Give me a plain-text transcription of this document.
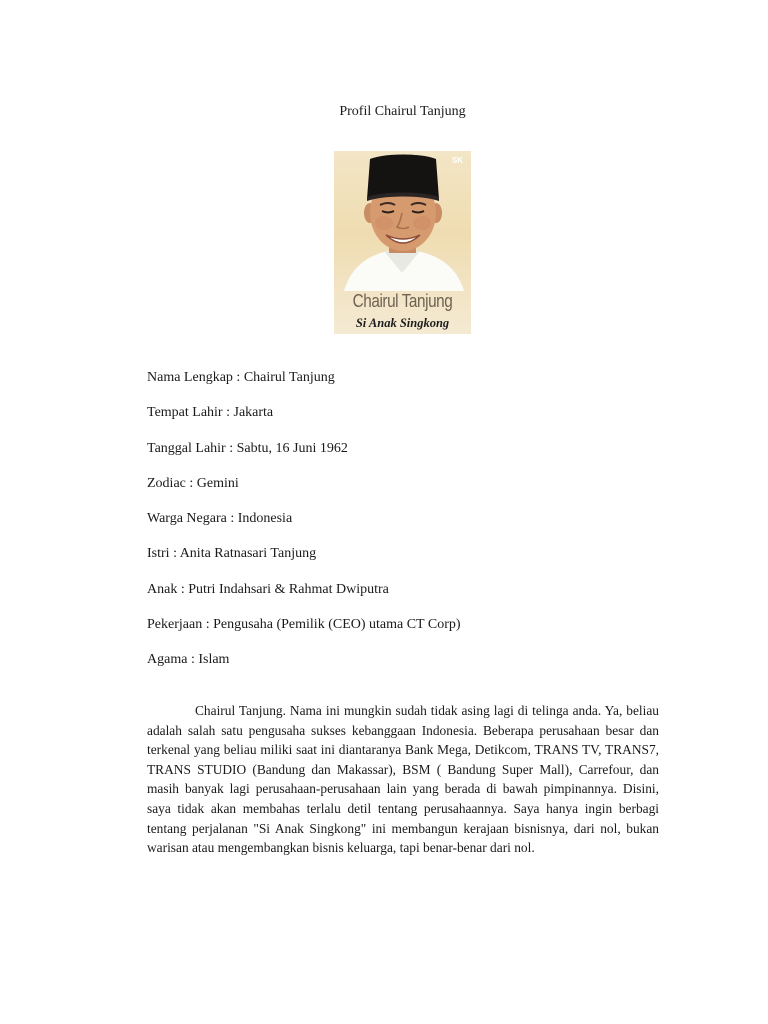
Profil Chairul Tanjung
SK
Chairul Tanjung
Si Anak Singkong
Nama Lengkap : Chairul Tanjung
Tempat Lahir : Jakarta
Tanggal Lahir : Sabtu, 16 Juni 1962
Zodiac : Gemini
Warga Negara : Indonesia
Istri : Anita Ratnasari Tanjung
Anak : Putri Indahsari & Rahmat Dwiputra
Pekerjaan : Pengusaha (Pemilik (CEO) utama CT Corp)
Agama : Islam

Chairul Tanjung. Nama ini mungkin sudah tidak asing lagi di telinga anda. Ya, beliau adalah salah satu pengusaha sukses kebanggaan Indonesia. Beberapa perusahaan besar dan terkenal yang beliau miliki saat ini diantaranya Bank Mega, Detikcom, TRANS TV, TRANS7, TRANS STUDIO (Bandung dan Makassar), BSM ( Bandung Super Mall), Carrefour, dan masih banyak lagi perusahaan-perusahaan lain yang berada di bawah pimpinannya. Disini, saya tidak akan membahas terlalu detil tentang perusahaannya. Saya hanya ingin berbagi tentang perjalanan "Si Anak Singkong" ini membangun kerajaan bisnisnya, dari nol, bukan warisan atau mengembangkan bisnis keluarga, tapi benar-benar dari nol.
